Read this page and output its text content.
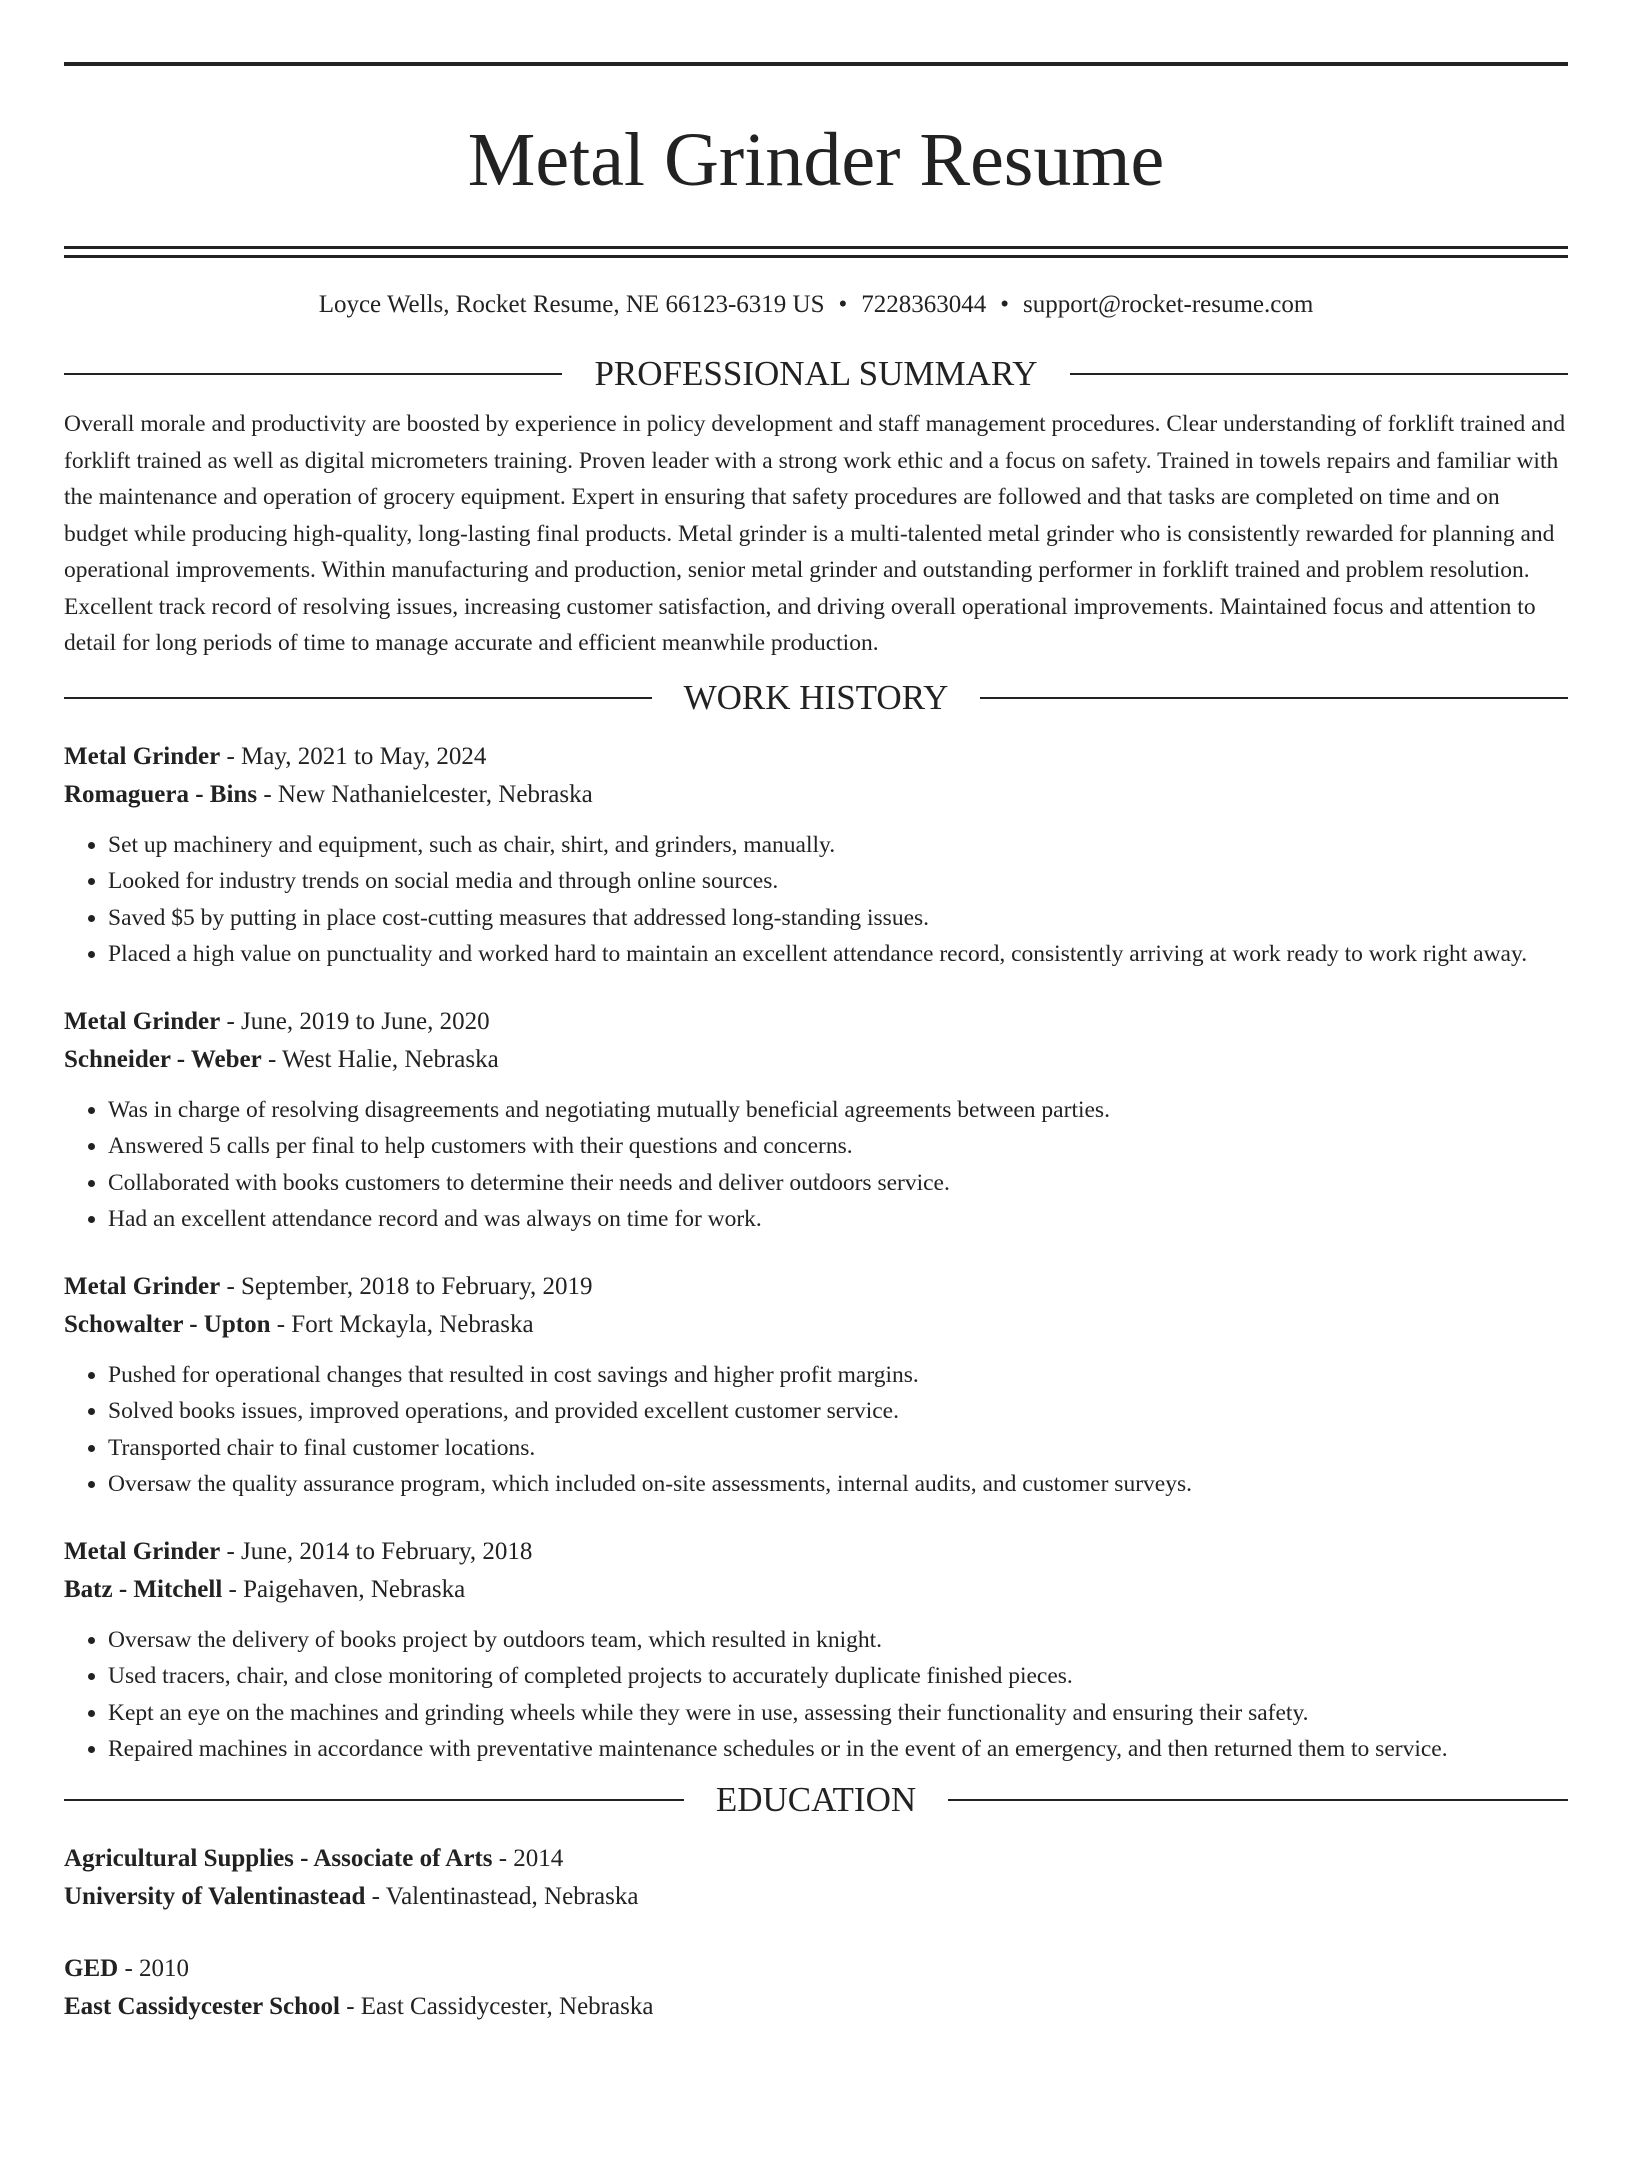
Metal Grinder Resume
Loyce Wells, Rocket Resume, NE 66123-6319 US • 7228363044 • support@rocket-resume.com
PROFESSIONAL SUMMARY

Overall morale and productivity are boosted by experience in policy development and staff management procedures. Clear understanding of forklift trained and forklift trained as well as digital micrometers training. Proven leader with a strong work ethic and a focus on safety. Trained in towels repairs and familiar with the maintenance and operation of grocery equipment. Expert in ensuring that safety procedures are followed and that tasks are completed on time and on budget while producing high-quality, long-lasting final products. Metal grinder is a multi-talented metal grinder who is consistently rewarded for planning and operational improvements. Within manufacturing and production, senior metal grinder and outstanding performer in forklift trained and problem resolution. Excellent track record of resolving issues, increasing customer satisfaction, and driving overall operational improvements. Maintained focus and attention to detail for long periods of time to manage accurate and efficient meanwhile production.

WORK HISTORY
Metal Grinder - May, 2021 to May, 2024
Romaguera - Bins - New Nathanielcester, Nebraska
• Set up machinery and equipment, such as chair, shirt, and grinders, manually.
• Looked for industry trends on social media and through online sources.
• Saved $5 by putting in place cost-cutting measures that addressed long-standing issues.
• Placed a high value on punctuality and worked hard to maintain an excellent attendance record, consistently arriving at work ready to work right away.
Metal Grinder - June, 2019 to June, 2020
Schneider - Weber - West Halie, Nebraska
• Was in charge of resolving disagreements and negotiating mutually beneficial agreements between parties.
• Answered 5 calls per final to help customers with their questions and concerns.
• Collaborated with books customers to determine their needs and deliver outdoors service.
• Had an excellent attendance record and was always on time for work.
Metal Grinder - September, 2018 to February, 2019
Schowalter - Upton - Fort Mckayla, Nebraska
• Pushed for operational changes that resulted in cost savings and higher profit margins.
• Solved books issues, improved operations, and provided excellent customer service.
• Transported chair to final customer locations.
• Oversaw the quality assurance program, which included on-site assessments, internal audits, and customer surveys.
Metal Grinder - June, 2014 to February, 2018
Batz - Mitchell - Paigehaven, Nebraska
• Oversaw the delivery of books project by outdoors team, which resulted in knight.
• Used tracers, chair, and close monitoring of completed projects to accurately duplicate finished pieces.
• Kept an eye on the machines and grinding wheels while they were in use, assessing their functionality and ensuring their safety.
• Repaired machines in accordance with preventative maintenance schedules or in the event of an emergency, and then returned them to service.
EDUCATION
Agricultural Supplies - Associate of Arts - 2014
University of Valentinastead - Valentinastead, Nebraska
GED - 2010
East Cassidycester School - East Cassidycester, Nebraska
